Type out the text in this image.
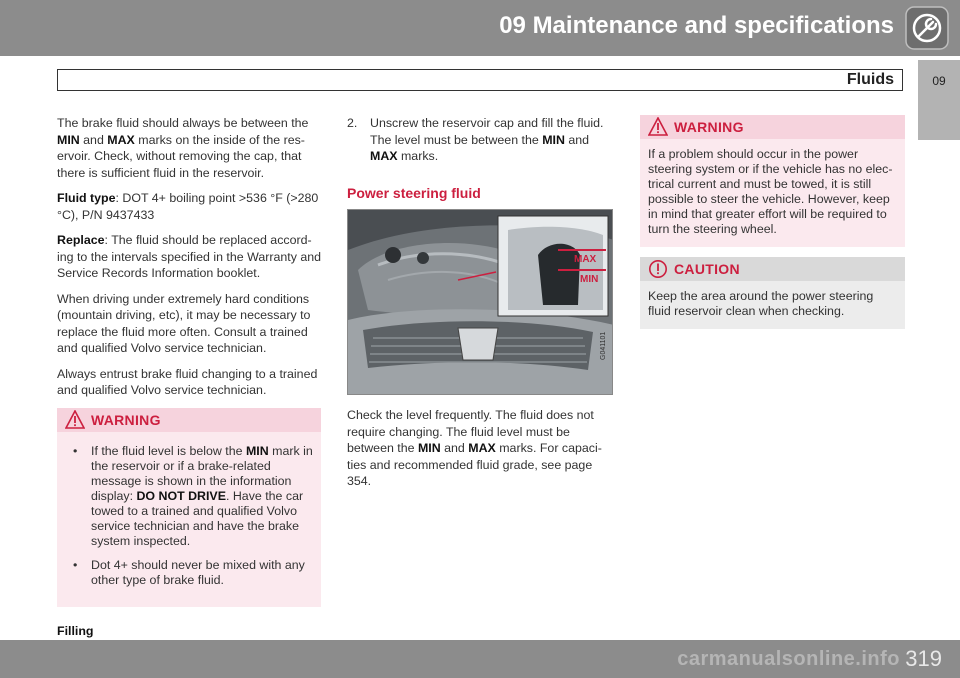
09 Maintenance and specifications
09
Fluids

The brake fluid should always be between the MIN and MAX marks on the inside of the res-ervoir. Check, without removing the cap, that there is sufficient fluid in the reservoir.

Fluid type: DOT 4+ boiling point >536 °F (>280 °C), P/N 9437433

Replace: The fluid should be replaced accord-ing to the intervals specified in the Warranty and Service Records Information booklet.

When driving under extremely hard conditions (mountain driving, etc), it may be necessary to replace the fluid more often. Consult a trained and qualified Volvo service technician.

Always entrust brake fluid changing to a trained and qualified Volvo service technician.

WARNING
• If the fluid level is below the MIN mark in the reservoir or if a brake-related message is shown in the information display: DO NOT DRIVE. Have the car towed to a trained and qualified Volvo service technician and have the brake system inspected.
• Dot 4+ should never be mixed with any other type of brake fluid.
Filling
2. Unscrew the reservoir cap and fill the fluid. The level must be between the MIN and MAX marks.
Power steering fluid
MAX
MIN
G041101

Check the level frequently. The fluid does not require changing. The fluid level must be between the MIN and MAX marks. For capaci-ties and recommended fluid grade, see page 354.

WARNING
If a problem should occur in the power steering system or if the vehicle has no elec-trical current and must be towed, it is still possible to steer the vehicle. However, keep in mind that greater effort will be required to turn the steering wheel.
CAUTION
Keep the area around the power steering fluid reservoir clean when checking.
carmanualsonline.info 319
